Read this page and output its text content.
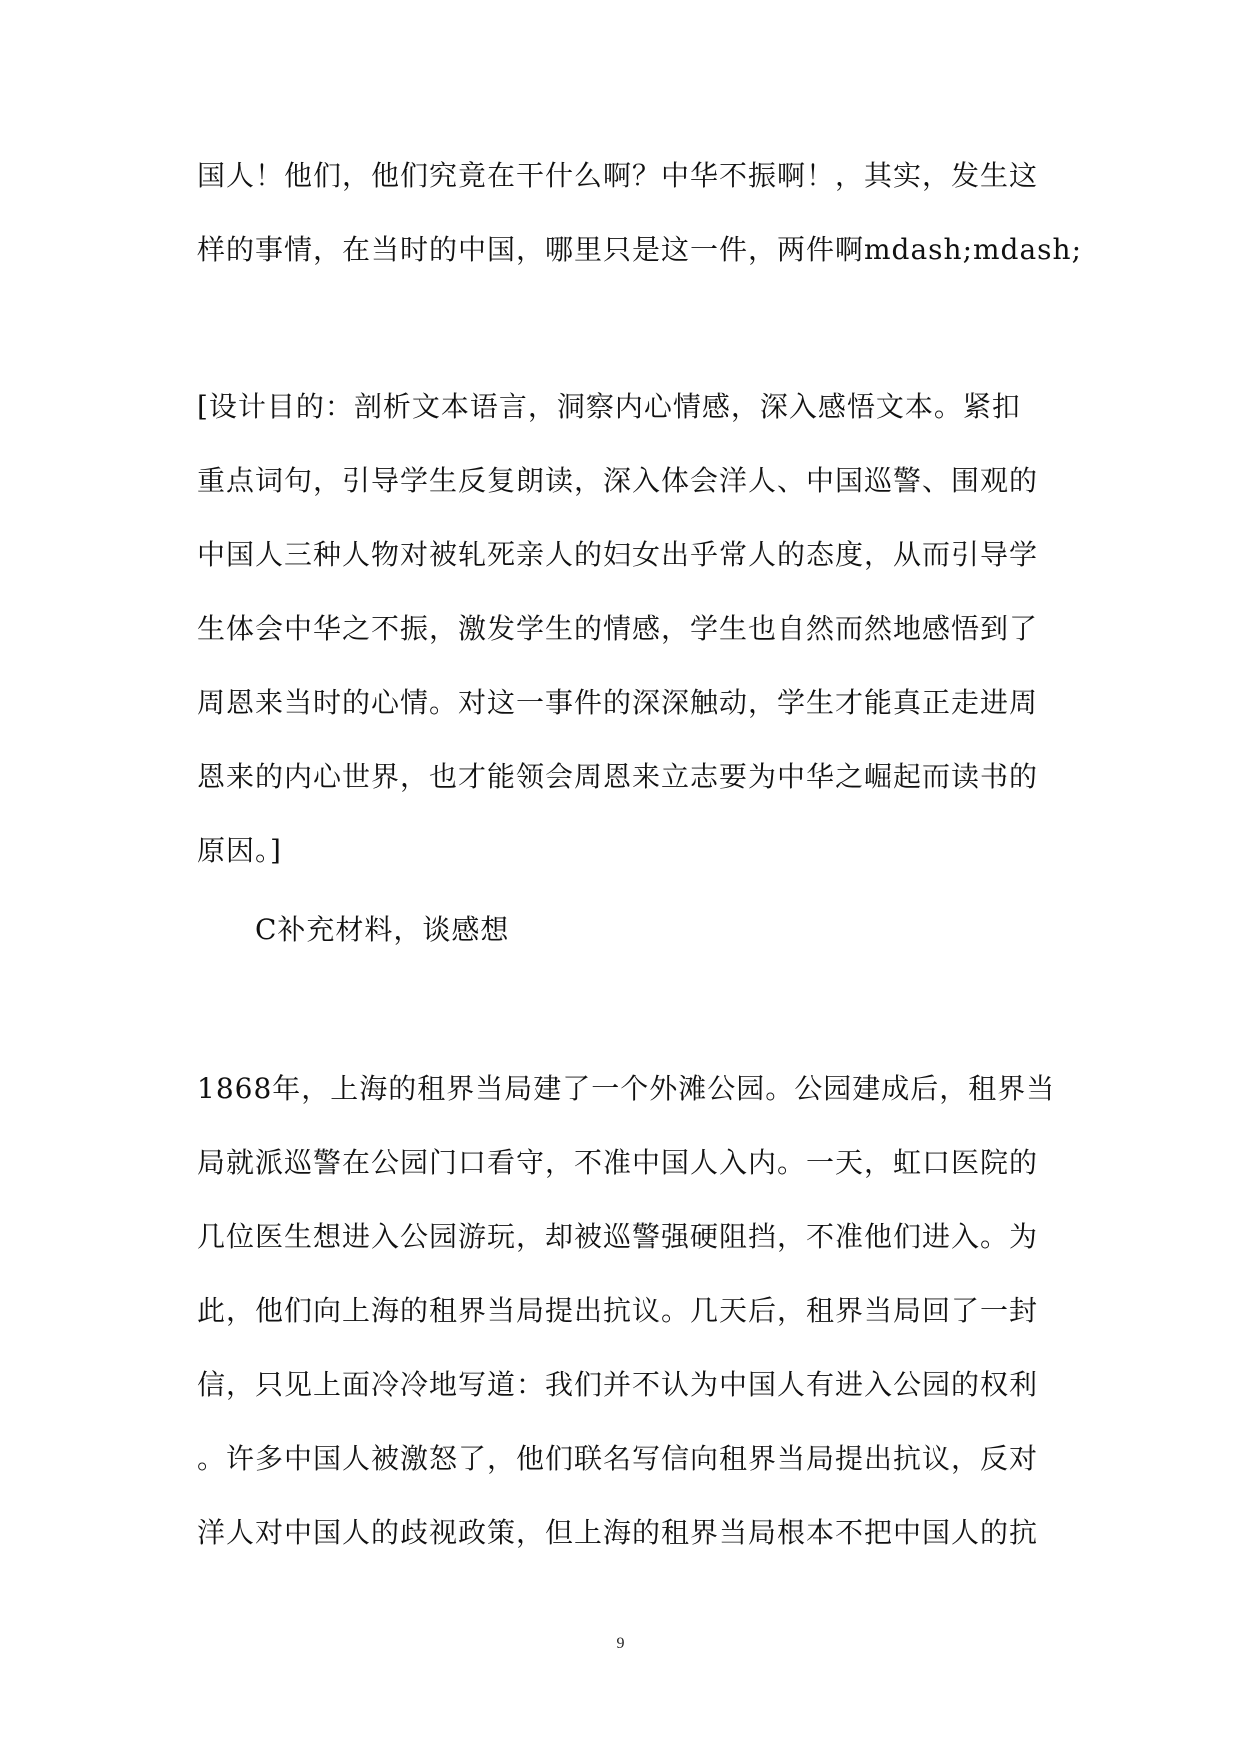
国人！他们，他们究竟在干什么啊？中华不振啊！，其实，发生这
样的事情，在当时的中国，哪里只是这一件，两件啊mdash;mdash;
[设计目的：剖析文本语言，洞察内心情感，深入感悟文本。紧扣
重点词句，引导学生反复朗读，深入体会洋人、中国巡警、围观的
中国人三种人物对被轧死亲人的妇女出乎常人的态度，从而引导学
生体会中华之不振，激发学生的情感，学生也自然而然地感悟到了
周恩来当时的心情。对这一事件的深深触动，学生才能真正走进周
恩来的内心世界，也才能领会周恩来立志要为中华之崛起而读书的
原因。]
C补充材料，谈感想
1868年，上海的租界当局建了一个外滩公园。公园建成后，租界当
局就派巡警在公园门口看守，不准中国人入内。一天，虹口医院的
几位医生想进入公园游玩，却被巡警强硬阻挡，不准他们进入。为
此，他们向上海的租界当局提出抗议。几天后，租界当局回了一封
信，只见上面冷冷地写道：我们并不认为中国人有进入公园的权利
。许多中国人被激怒了，他们联名写信向租界当局提出抗议，反对
洋人对中国人的歧视政策，但上海的租界当局根本不把中国人的抗
9
